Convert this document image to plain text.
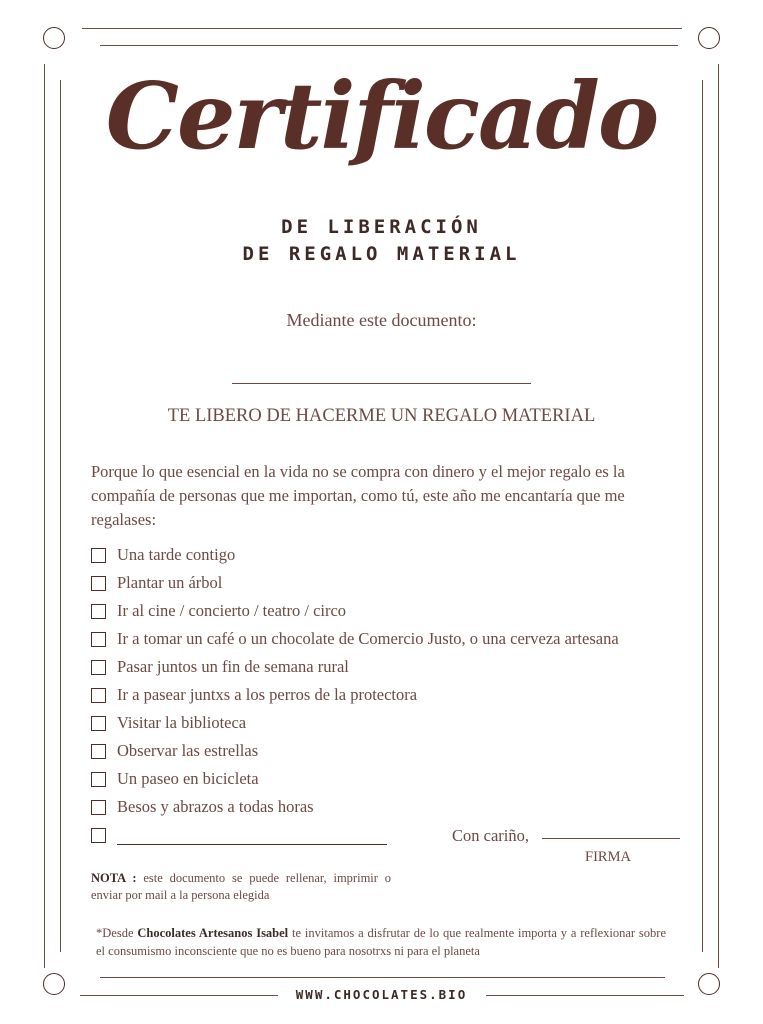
Certificado
DE LIBERACIÓN
DE REGALO MATERIAL
Mediante este documento:
TE LIBERO DE HACERME UN REGALO MATERIAL
Porque lo que esencial en la vida no se compra con dinero y el mejor regalo es la compañía de personas que me importan, como tú, este año me encantaría que me regalases:
Una tarde contigo
Plantar un árbol
Ir al cine / concierto / teatro / circo
Ir a tomar un café o un chocolate de Comercio Justo, o una cerveza artesana
Pasar juntos un fin de semana rural
Ir a pasear juntxs a los perros de la protectora
Visitar la biblioteca
Observar las estrellas
Un paseo en bicicleta
Besos y abrazos a todas horas
Con cariño,
FIRMA
NOTA : este documento se puede rellenar, imprimir o enviar por mail a la persona elegida
*Desde Chocolates Artesanos Isabel te invitamos a disfrutar de lo que realmente importa y a reflexionar sobre el consumismo inconsciente que no es bueno para nosotrxs ni para el planeta
WWW.CHOCOLATES.BIO
